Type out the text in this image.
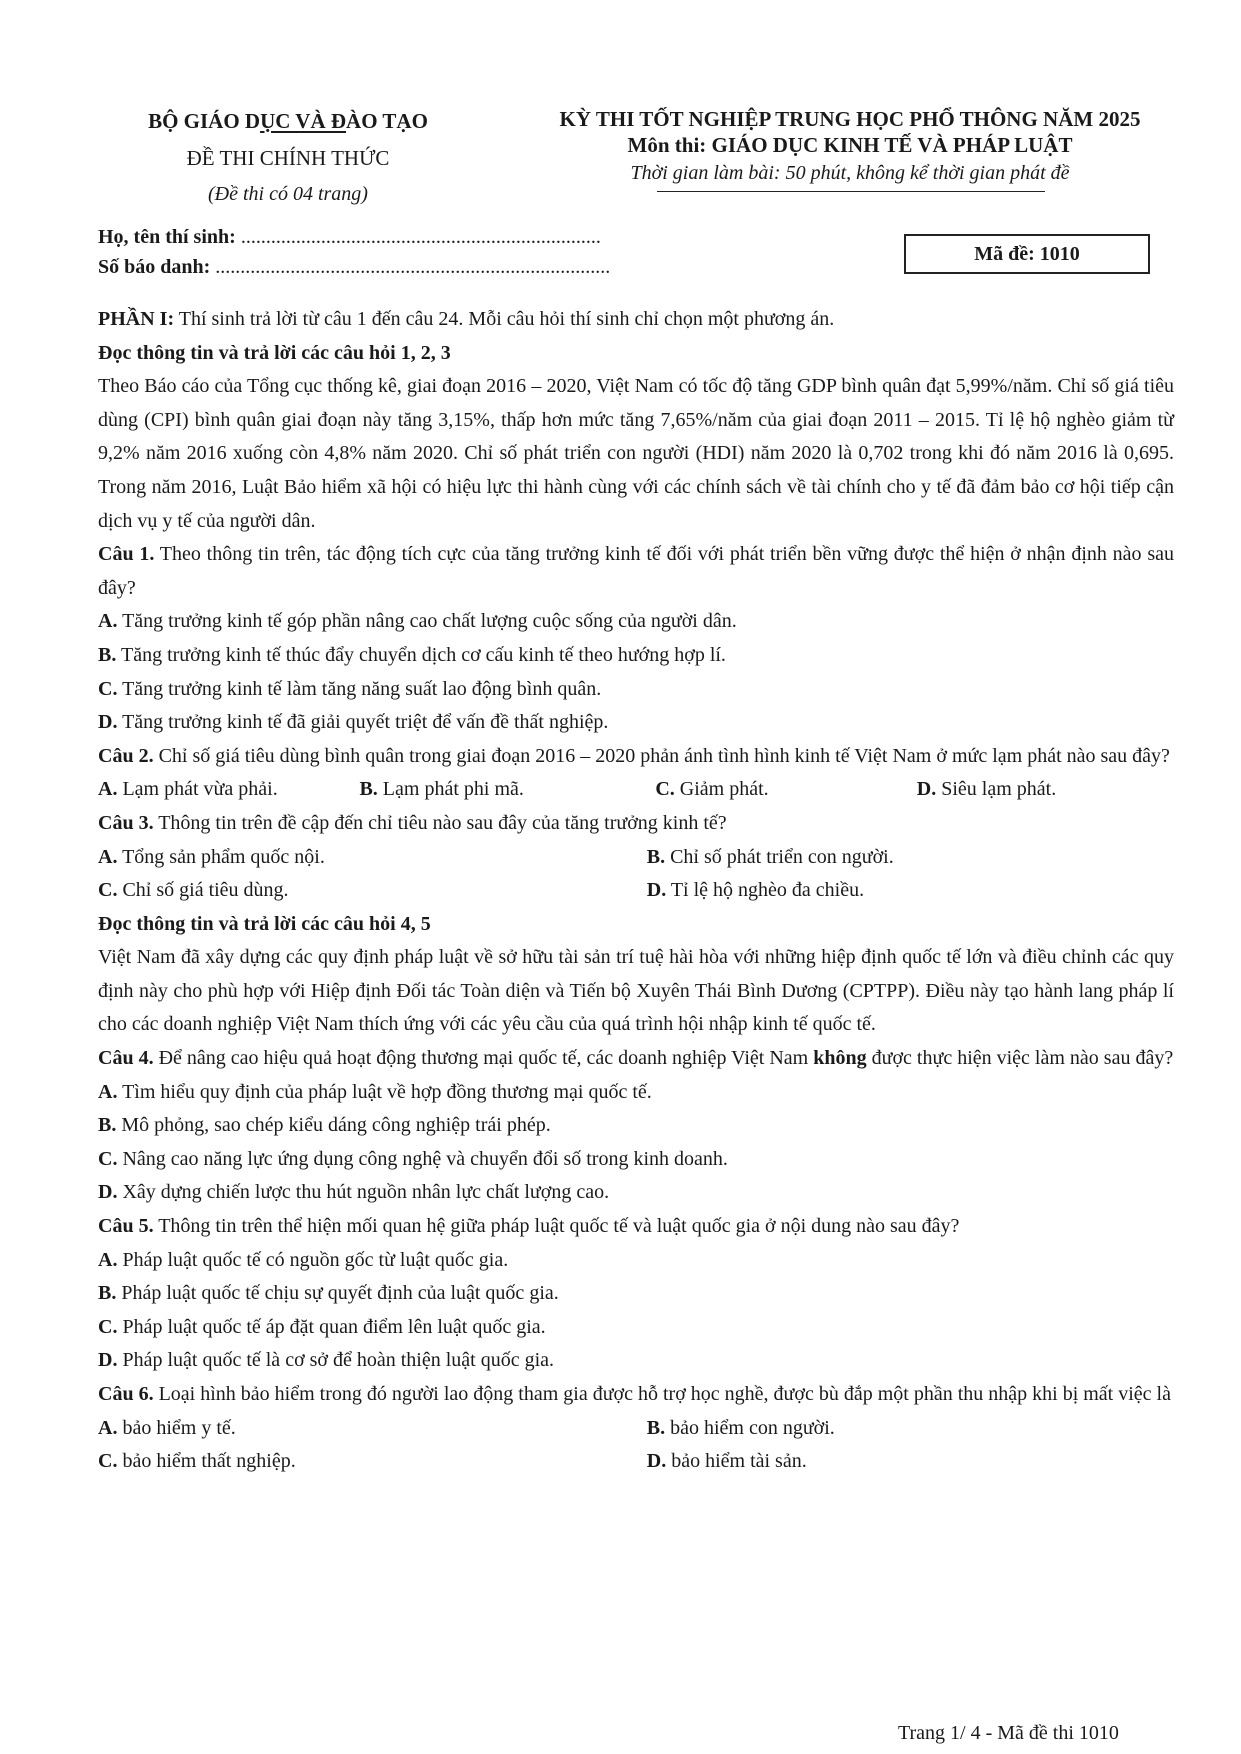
BỘ GIÁO DỤC VÀ ĐÀO TẠO
ĐỀ THI CHÍNH THỨC
(Đề thi có 04 trang)
KỲ THI TỐT NGHIỆP TRUNG HỌC PHỔ THÔNG NĂM 2025
Môn thi: GIÁO DỤC KINH TẾ VÀ PHÁP LUẬT
Thời gian làm bài: 50 phút, không kể thời gian phát đề
Họ, tên thí sinh: ........................................................................
Số báo danh: ...............................................................................
Mã đề: 1010

PHẦN I: Thí sinh trả lời từ câu 1 đến câu 24. Mỗi câu hỏi thí sinh chỉ chọn một phương án.

Đọc thông tin và trả lời các câu hỏi 1, 2, 3

Theo Báo cáo của Tổng cục thống kê, giai đoạn 2016 – 2020, Việt Nam có tốc độ tăng GDP bình quân đạt 5,99%/năm. Chỉ số giá tiêu dùng (CPI) bình quân giai đoạn này tăng 3,15%, thấp hơn mức tăng 7,65%/năm của giai đoạn 2011 – 2015. Tỉ lệ hộ nghèo giảm từ 9,2% năm 2016 xuống còn 4,8% năm 2020. Chỉ số phát triển con người (HDI) năm 2020 là 0,702 trong khi đó năm 2016 là 0,695. Trong năm 2016, Luật Bảo hiểm xã hội có hiệu lực thi hành cùng với các chính sách về tài chính cho y tế đã đảm bảo cơ hội tiếp cận dịch vụ y tế của người dân.

Câu 1. Theo thông tin trên, tác động tích cực của tăng trưởng kinh tế đối với phát triển bền vững được thể hiện ở nhận định nào sau đây?

A. Tăng trưởng kinh tế góp phần nâng cao chất lượng cuộc sống của người dân.

B. Tăng trưởng kinh tế thúc đẩy chuyển dịch cơ cấu kinh tế theo hướng hợp lí.

C. Tăng trưởng kinh tế làm tăng năng suất lao động bình quân.

D. Tăng trưởng kinh tế đã giải quyết triệt để vấn đề thất nghiệp.

Câu 2. Chỉ số giá tiêu dùng bình quân trong giai đoạn 2016 – 2020 phản ánh tình hình kinh tế Việt Nam ở mức lạm phát nào sau đây?

A. Lạm phát vừa phải.	B. Lạm phát phi mã.	C. Giảm phát.	D. Siêu lạm phát.

Câu 3. Thông tin trên đề cập đến chỉ tiêu nào sau đây của tăng trưởng kinh tế?

A. Tổng sản phẩm quốc nội.	B. Chỉ số phát triển con người.
C. Chỉ số giá tiêu dùng.	D. Tỉ lệ hộ nghèo đa chiều.

Đọc thông tin và trả lời các câu hỏi 4, 5

Việt Nam đã xây dựng các quy định pháp luật về sở hữu tài sản trí tuệ hài hòa với những hiệp định quốc tế lớn và điều chỉnh các quy định này cho phù hợp với Hiệp định Đối tác Toàn diện và Tiến bộ Xuyên Thái Bình Dương (CPTPP). Điều này tạo hành lang pháp lí cho các doanh nghiệp Việt Nam thích ứng với các yêu cầu của quá trình hội nhập kinh tế quốc tế.

Câu 4. Để nâng cao hiệu quả hoạt động thương mại quốc tế, các doanh nghiệp Việt Nam không được thực hiện việc làm nào sau đây?

A. Tìm hiểu quy định của pháp luật về hợp đồng thương mại quốc tế.

B. Mô phỏng, sao chép kiểu dáng công nghiệp trái phép.

C. Nâng cao năng lực ứng dụng công nghệ và chuyển đổi số trong kinh doanh.

D. Xây dựng chiến lược thu hút nguồn nhân lực chất lượng cao.

Câu 5. Thông tin trên thể hiện mối quan hệ giữa pháp luật quốc tế và luật quốc gia ở nội dung nào sau đây?

A. Pháp luật quốc tế có nguồn gốc từ luật quốc gia.

B. Pháp luật quốc tế chịu sự quyết định của luật quốc gia.

C. Pháp luật quốc tế áp đặt quan điểm lên luật quốc gia.

D. Pháp luật quốc tế là cơ sở để hoàn thiện luật quốc gia.

Câu 6. Loại hình bảo hiểm trong đó người lao động tham gia được hỗ trợ học nghề, được bù đắp một phần thu nhập khi bị mất việc là

A. bảo hiểm y tế.	B. bảo hiểm con người.
C. bảo hiểm thất nghiệp.	D. bảo hiểm tài sản.
Trang 1/ 4 - Mã đề thi 1010
